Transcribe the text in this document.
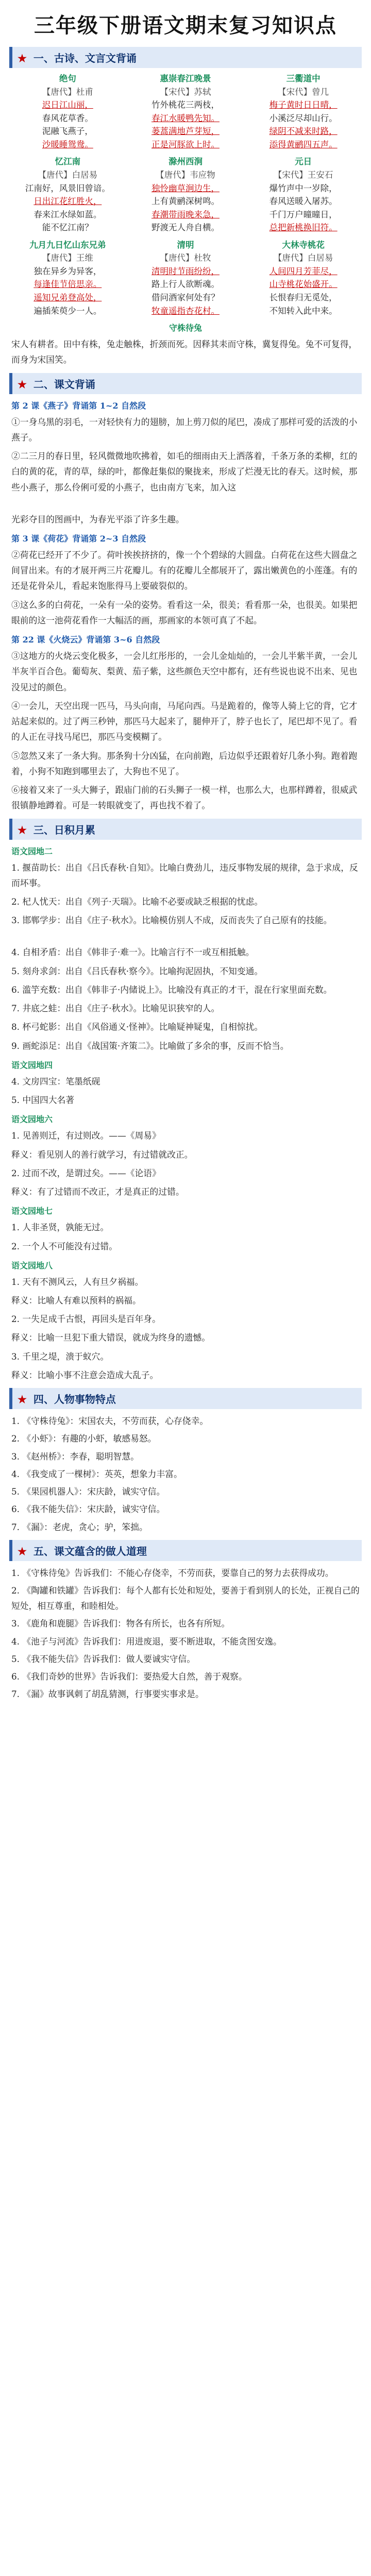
三年级下册语文期末复习知识点
★ 一、古诗、文言文背诵
绝句
【唐代】杜甫
迟日江山丽，
春风花草香。
泥融飞燕子，
沙暖睡鸳鸯。
惠崇春江晚景
【宋代】苏轼
竹外桃花三两枝，
春江水暖鸭先知。
蒌蒿满地芦芽短，
正是河豚欲上时。
三衢道中
【宋代】曾几
梅子黄时日日晴，
小溪泛尽却山行。
绿阴不减来时路，
添得黄鹂四五声。
忆江南
【唐代】白居易
江南好，风景旧曾谙。
日出江花红胜火，
春来江水绿如蓝。
能不忆江南？
滁州西涧
【唐代】韦应物
独怜幽草涧边生，
上有黄鹂深树鸣。
春潮带雨晚来急，
野渡无人舟自横。
元日
【宋代】王安石
爆竹声中一岁除，
春风送暖入屠苏。
千门万户曈曈日，
总把新桃换旧符。
九月九日忆山东兄弟
【唐代】王维
独在异乡为异客，
每逢佳节倍思亲。
遥知兄弟登高处，
遍插茱萸少一人。
清明
【唐代】杜牧
清明时节雨纷纷，
路上行人欲断魂。
借问酒家何处有？
牧童遥指杏花村。
大林寺桃花
【唐代】白居易
人间四月芳菲尽，
山寺桃花始盛开。
长恨春归无觅处，
不知转入此中来。
守株待兔

宋人有耕者。田中有株，兔走触株，折颈而死。因释其耒而守株，冀复得兔。兔不可复得，而身为宋国笑。

★ 二、课文背诵
第 2 课《燕子》背诵第 1~2 自然段

①一身乌黑的羽毛，一对轻快有力的翅膀，加上剪刀似的尾巴，凑成了那样可爱的活泼的小燕子。

②二三月的春日里，轻风微微地吹拂着，如毛的细雨由天上洒落着，千条万条的柔柳，红的白的黄的花，青的草，绿的叶，都像赶集似的聚拢来，形成了烂漫无比的春天。这时候，那些小燕子，那么伶俐可爱的小燕子，也由南方飞来，加入这

光彩夺目的图画中，为春光平添了许多生趣。

第 3 课《荷花》背诵第 2~3 自然段

②荷花已经开了不少了。荷叶挨挨挤挤的，像一个个碧绿的大圆盘。白荷花在这些大圆盘之间冒出来。有的才展开两三片花瓣儿。有的花瓣儿全都展开了，露出嫩黄色的小莲蓬。有的还是花骨朵儿，看起来饱胀得马上要破裂似的。

③这么多的白荷花，一朵有一朵的姿势。看看这一朵，很美；看看那一朵，也很美。如果把眼前的这一池荷花看作一大幅活的画，那画家的本领可真了不起。

第 22 课《火烧云》背诵第 3~6 自然段

③这地方的火烧云变化极多，一会儿红彤彤的，一会儿金灿灿的，一会儿半紫半黄，一会儿半灰半百合色。葡萄灰、梨黄、茄子紫，这些颜色天空中都有，还有些说也说不出来、见也没见过的颜色。

④一会儿，天空出现一匹马，马头向南，马尾向西。马是跪着的，像等人骑上它的背，它才站起来似的。过了两三秒钟，那匹马大起来了，腿伸开了，脖子也长了，尾巴却不见了。看的人正在寻找马尾巴，那匹马变模糊了。

⑤忽然又来了一条大狗。那条狗十分凶猛，在向前跑，后边似乎还跟着好几条小狗。跑着跑着，小狗不知跑到哪里去了，大狗也不见了。

⑥接着又来了一头大狮子，跟庙门前的石头狮子一模一样，也那么大，也那样蹲着，很威武很镇静地蹲着。可是一转眼就变了，再也找不着了。

★ 三、日积月累
语文园地二

1. 揠苗助长：出自《吕氏春秋·自知》。比喻白费劲儿，违反事物发展的规律，急于求成，反而坏事。

2. 杞人忧天：出自《列子·天瑞》。比喻不必要或缺乏根据的忧虑。

3. 邯郸学步：出自《庄子·秋水》。比喻模仿别人不成，反而丧失了自己原有的技能。

4. 自相矛盾：出自《韩非子·难一》。比喻言行不一或互相抵触。

5. 刻舟求剑：出自《吕氏春秋·察今》。比喻拘泥固执，不知变通。

6. 滥竽充数：出自《韩非子·内储说上》。比喻没有真正的才干，混在行家里面充数。

7. 井底之蛙：出自《庄子·秋水》。比喻见识狭窄的人。

8. 杯弓蛇影：出自《风俗通义·怪神》。比喻疑神疑鬼，自相惊扰。

9. 画蛇添足：出自《战国策·齐策二》。比喻做了多余的事，反而不恰当。

语文园地四

4. 文房四宝：笔墨纸砚

5. 中国四大名著

语文园地六

1. 见善则迁，有过则改。——《周易》

释义：看见别人的善行就学习，有过错就改正。

2. 过而不改，是谓过矣。——《论语》

释义：有了过错而不改正，才是真正的过错。

语文园地七

1. 人非圣贤，孰能无过。

2. 一个人不可能没有过错。

语文园地八

1. 天有不测风云，人有旦夕祸福。

释义：比喻人有难以预料的祸福。

2. 一失足成千古恨，再回头是百年身。

释义：比喻一旦犯下重大错误，就成为终身的遗憾。

3. 千里之堤，溃于蚁穴。

释义：比喻小事不注意会造成大乱子。

★ 四、人物事物特点

1. 《守株待兔》：宋国农夫，不劳而获，心存侥幸。

2. 《小虾》：有趣的小虾，敏感易怒。

3. 《赵州桥》：李春，聪明智慧。

4. 《我变成了一棵树》：英英，想象力丰富。

5. 《果园机器人》：宋庆龄，诚实守信。

6. 《我不能失信》：宋庆龄，诚实守信。

7. 《漏》：老虎，贪心；驴，笨拙。

★ 五、课文蕴含的做人道理

1. 《守株待兔》告诉我们：不能心存侥幸，不劳而获，要靠自己的努力去获得成功。

2. 《陶罐和铁罐》告诉我们：每个人都有长处和短处，要善于看到别人的长处，正视自己的短处，相互尊重，和睦相处。

3. 《鹿角和鹿腿》告诉我们：物各有所长，也各有所短。

4. 《池子与河流》告诉我们：用进废退，要不断进取，不能贪图安逸。

5. 《我不能失信》告诉我们：做人要诚实守信。

6. 《我们奇妙的世界》告诉我们：要热爱大自然，善于观察。

7. 《漏》故事讽刺了胡乱猜测，行事要实事求是。
